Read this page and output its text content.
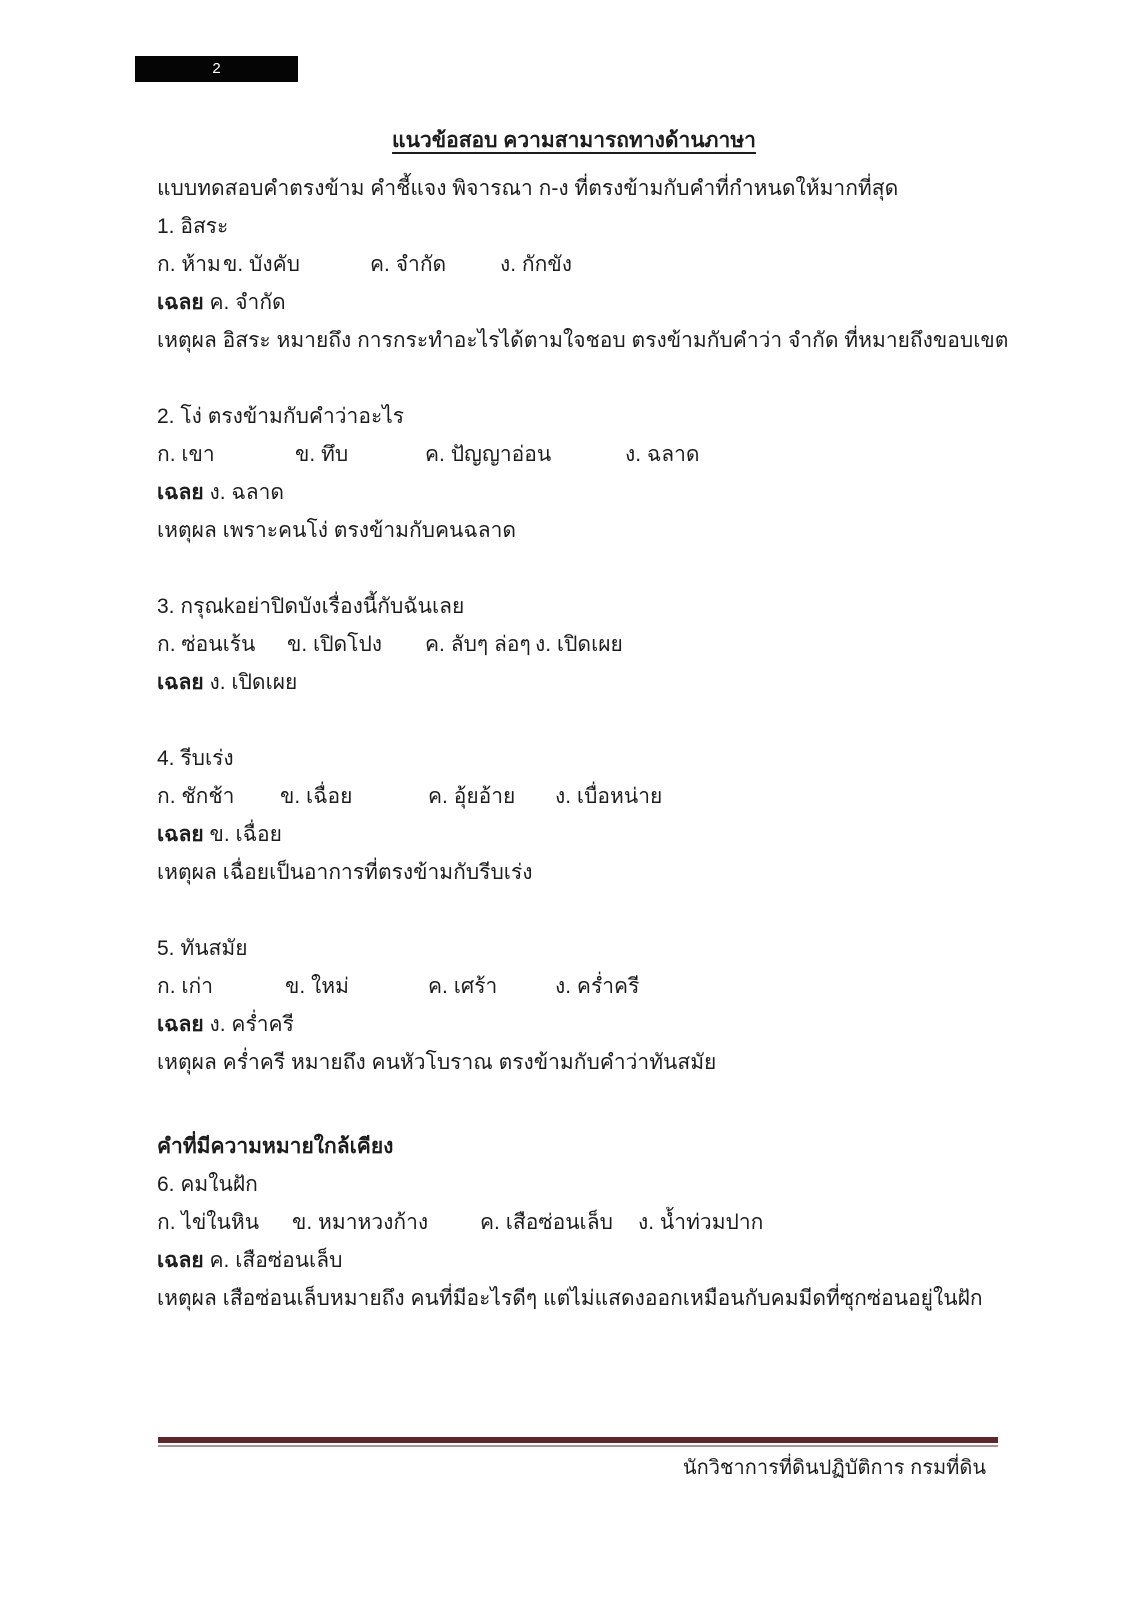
2
แนวข้อสอบ ความสามารถทางด้านภาษา
แบบทดสอบคำตรงข้าม คำชี้แจง พิจารณา ก-ง ที่ตรงข้ามกับคำที่กำหนดให้มากที่สุด
1. อิสระ
ก. ห้าม ข. บังคับ	ค. จำกัด	ง. กักขัง
เฉลย ค. จำกัด
เหตุผล อิสระ หมายถึง การกระทำอะไรได้ตามใจชอบ ตรงข้ามกับคำว่า จำกัด ที่หมายถึงขอบเขต
2. โง่ ตรงข้ามกับคำว่าอะไร
ก. เขา	ข. ทึบ	ค. ปัญญาอ่อน	ง. ฉลาด
เฉลย ง. ฉลาด
เหตุผล เพราะคนโง่ ตรงข้ามกับคนฉลาด
3. กรุณkอย่าปิดบังเรื่องนี้กับฉันเลย
ก. ซ่อนเร้น	ข. เปิดโปง	ค. ลับๆ ล่อๆ ง. เปิดเผย
เฉลย ง. เปิดเผย
4. รีบเร่ง
ก. ชักช้า	ข. เฉื่อย	ค. อุ้ยอ้าย	ง. เบื่อหน่าย
เฉลย ข. เฉื่อย
เหตุผล เฉื่อยเป็นอาการที่ตรงข้ามกับรีบเร่ง
5. ทันสมัย
ก. เก่า	ข. ใหม่	ค. เศร้า	ง. คร่ำครี
เฉลย ง. คร่ำครี
เหตุผล คร่ำครี หมายถึง คนหัวโบราณ ตรงข้ามกับคำว่าทันสมัย
คำที่มีความหมายใกล้เคียง
6. คมในฝัก
ก. ไข่ในหิน	ข. หมาหวงก้าง	ค. เสือซ่อนเล็บ	ง. น้ำท่วมปาก
เฉลย ค. เสือซ่อนเล็บ
เหตุผล เสือซ่อนเล็บหมายถึง คนที่มีอะไรดีๆ แต่ไม่แสดงออกเหมือนกับคมมีดที่ซุกซ่อนอยู่ในฝัก
นักวิชาการที่ดินปฏิบัติการ กรมที่ดิน
